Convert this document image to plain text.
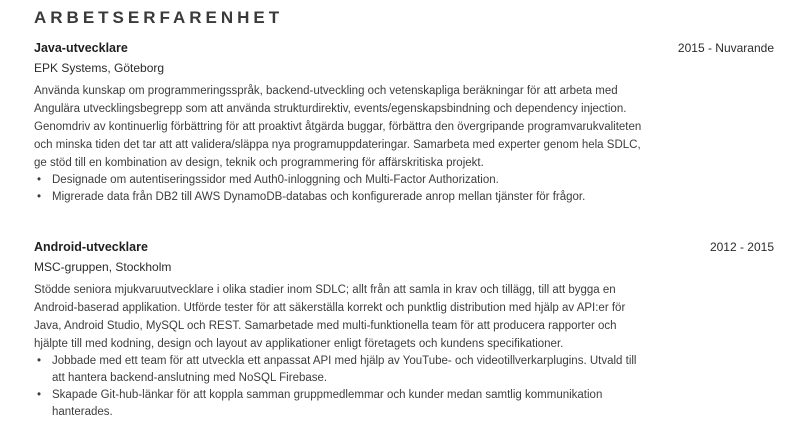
ARBETSERFARENHET
Java-utvecklare	2015 - Nuvarande
EPK Systems, Göteborg
Använda kunskap om programmeringsspråk, backend-utveckling och vetenskapliga beräkningar för att arbeta med Angulära utvecklingsbegrepp som att använda strukturdirektiv, events/egenskapsbindning och dependency injection. Genomdriv av kontinuerlig förbättring för att proaktivt åtgärda buggar, förbättra den övergripande programvarukvaliteten och minska tiden det tar att att validera/släppa nya programuppdateringar. Samarbeta med experter genom hela SDLC, ge stöd till en kombination av design, teknik och programmering för affärskritiska projekt.
• Designade om autentiseringssidor med Auth0-inloggning och Multi-Factor Authorization.
• Migrerade data från DB2 till AWS DynamoDB-databas och konfigurerade anrop mellan tjänster för frågor.
Android-utvecklare	2012 - 2015
MSC-gruppen, Stockholm
Stödde seniora mjukvaruutvecklare i olika stadier inom SDLC; allt från att samla in krav och tillägg, till att bygga en Android-baserad applikation. Utförde tester för att säkerställa korrekt och punktlig distribution med hjälp av API:er för Java, Android Studio, MySQL och REST. Samarbetade med multi-funktionella team för att producera rapporter och hjälpte till med kodning, design och layout av applikationer enligt företagets och kundens specifikationer.
• Jobbade med ett team för att utveckla ett anpassat API med hjälp av YouTube- och videotillverkarplugins. Utvald till att hantera backend-anslutning med NoSQL Firebase.
• Skapade Git-hub-länkar för att koppla samman gruppmedlemmar och kunder medan samtlig kommunikation hanterades.
